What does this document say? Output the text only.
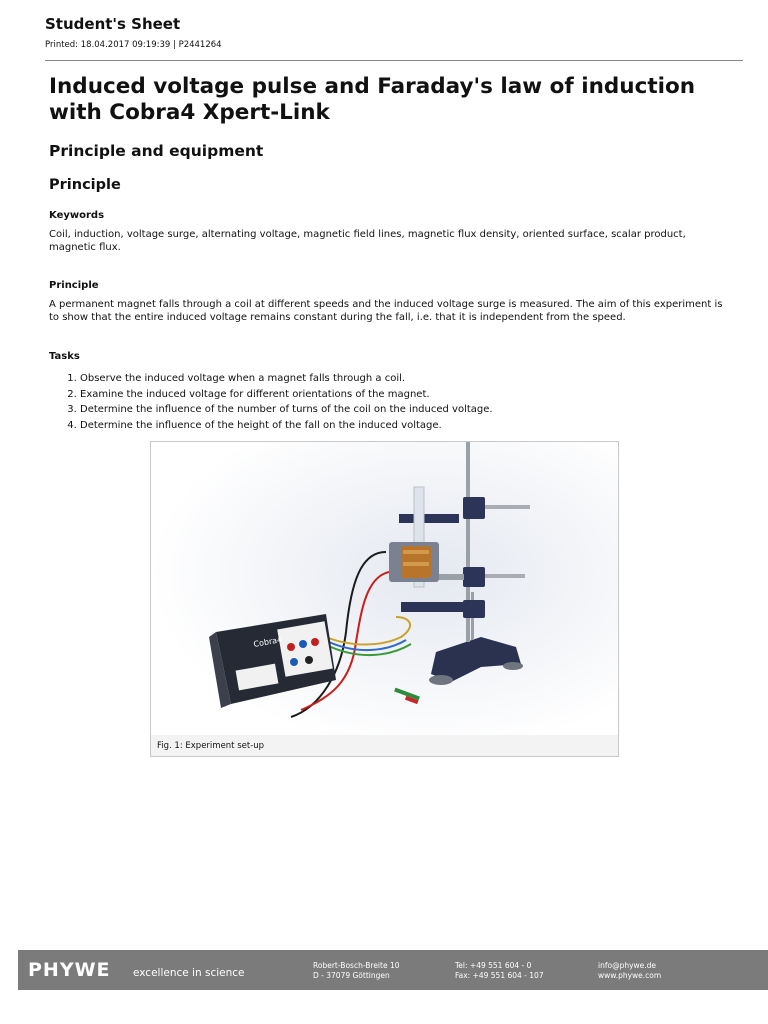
Student's Sheet
Printed: 18.04.2017 09:19:39 | P2441264
Induced voltage pulse and Faraday's law of induction with Cobra4 Xpert-Link
Principle and equipment
Principle
Keywords
Coil, induction, voltage surge, alternating voltage, magnetic field lines, magnetic flux density, oriented surface, scalar product, magnetic flux.
Principle
A permanent magnet falls through a coil at different speeds and the induced voltage surge is measured. The aim of this experiment is to show that the entire induced voltage remains constant during the fall, i.e. that it is independent from the speed.
Tasks
1. Observe the induced voltage when a magnet falls through a coil.
2. Examine the induced voltage for different orientations of the magnet.
3. Determine the influence of the number of turns of the coil on the induced voltage.
4. Determine the influence of the height of the fall on the induced voltage.
Cobra4
Fig. 1: Experiment set-up
PHYWE excellence in science
Robert-Bosch-Breite 10
D - 37079 Göttingen
Tel: +49 551 604 - 0
Fax: +49 551 604 - 107
info@phywe.de
www.phywe.com
